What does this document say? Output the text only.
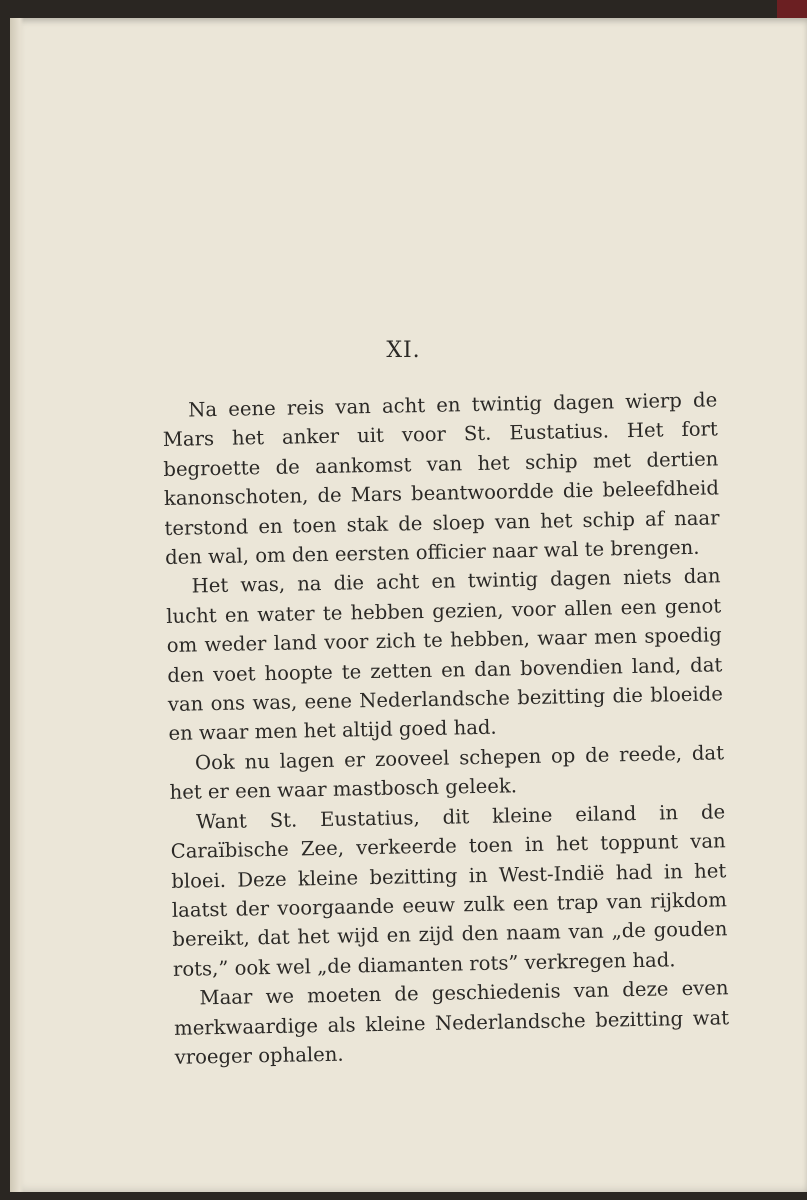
XI.

Na eene reis van acht en twintig dagen wierp de Mars het anker uit voor St. Eustatius. Het fort begroette de aankomst van het schip met dertien kanonschoten, de Mars beantwoordde die beleefdheid terstond en toen stak de sloep van het schip af naar den wal, om den eersten officier naar wal te brengen.

Het was, na die acht en twintig dagen niets dan lucht en water te hebben gezien, voor allen een genot om weder land voor zich te hebben, waar men spoedig den voet hoopte te zetten en dan bovendien land, dat van ons was, eene Nederlandsche bezitting die bloeide en waar men het altijd goed had.

Ook nu lagen er zooveel schepen op de reede, dat het er een waar mastbosch geleek.

Want St. Eustatius, dit kleine eiland in de Caraïbische Zee, verkeerde toen in het toppunt van bloei. Deze kleine bezitting in West-Indië had in het laatst der voorgaande eeuw zulk een trap van rijkdom bereikt, dat het wijd en zijd den naam van „de gouden rots,” ook wel „de diamanten rots” verkregen had.

Maar we moeten de geschiedenis van deze even merkwaardige als kleine Nederlandsche bezitting wat vroeger ophalen.
